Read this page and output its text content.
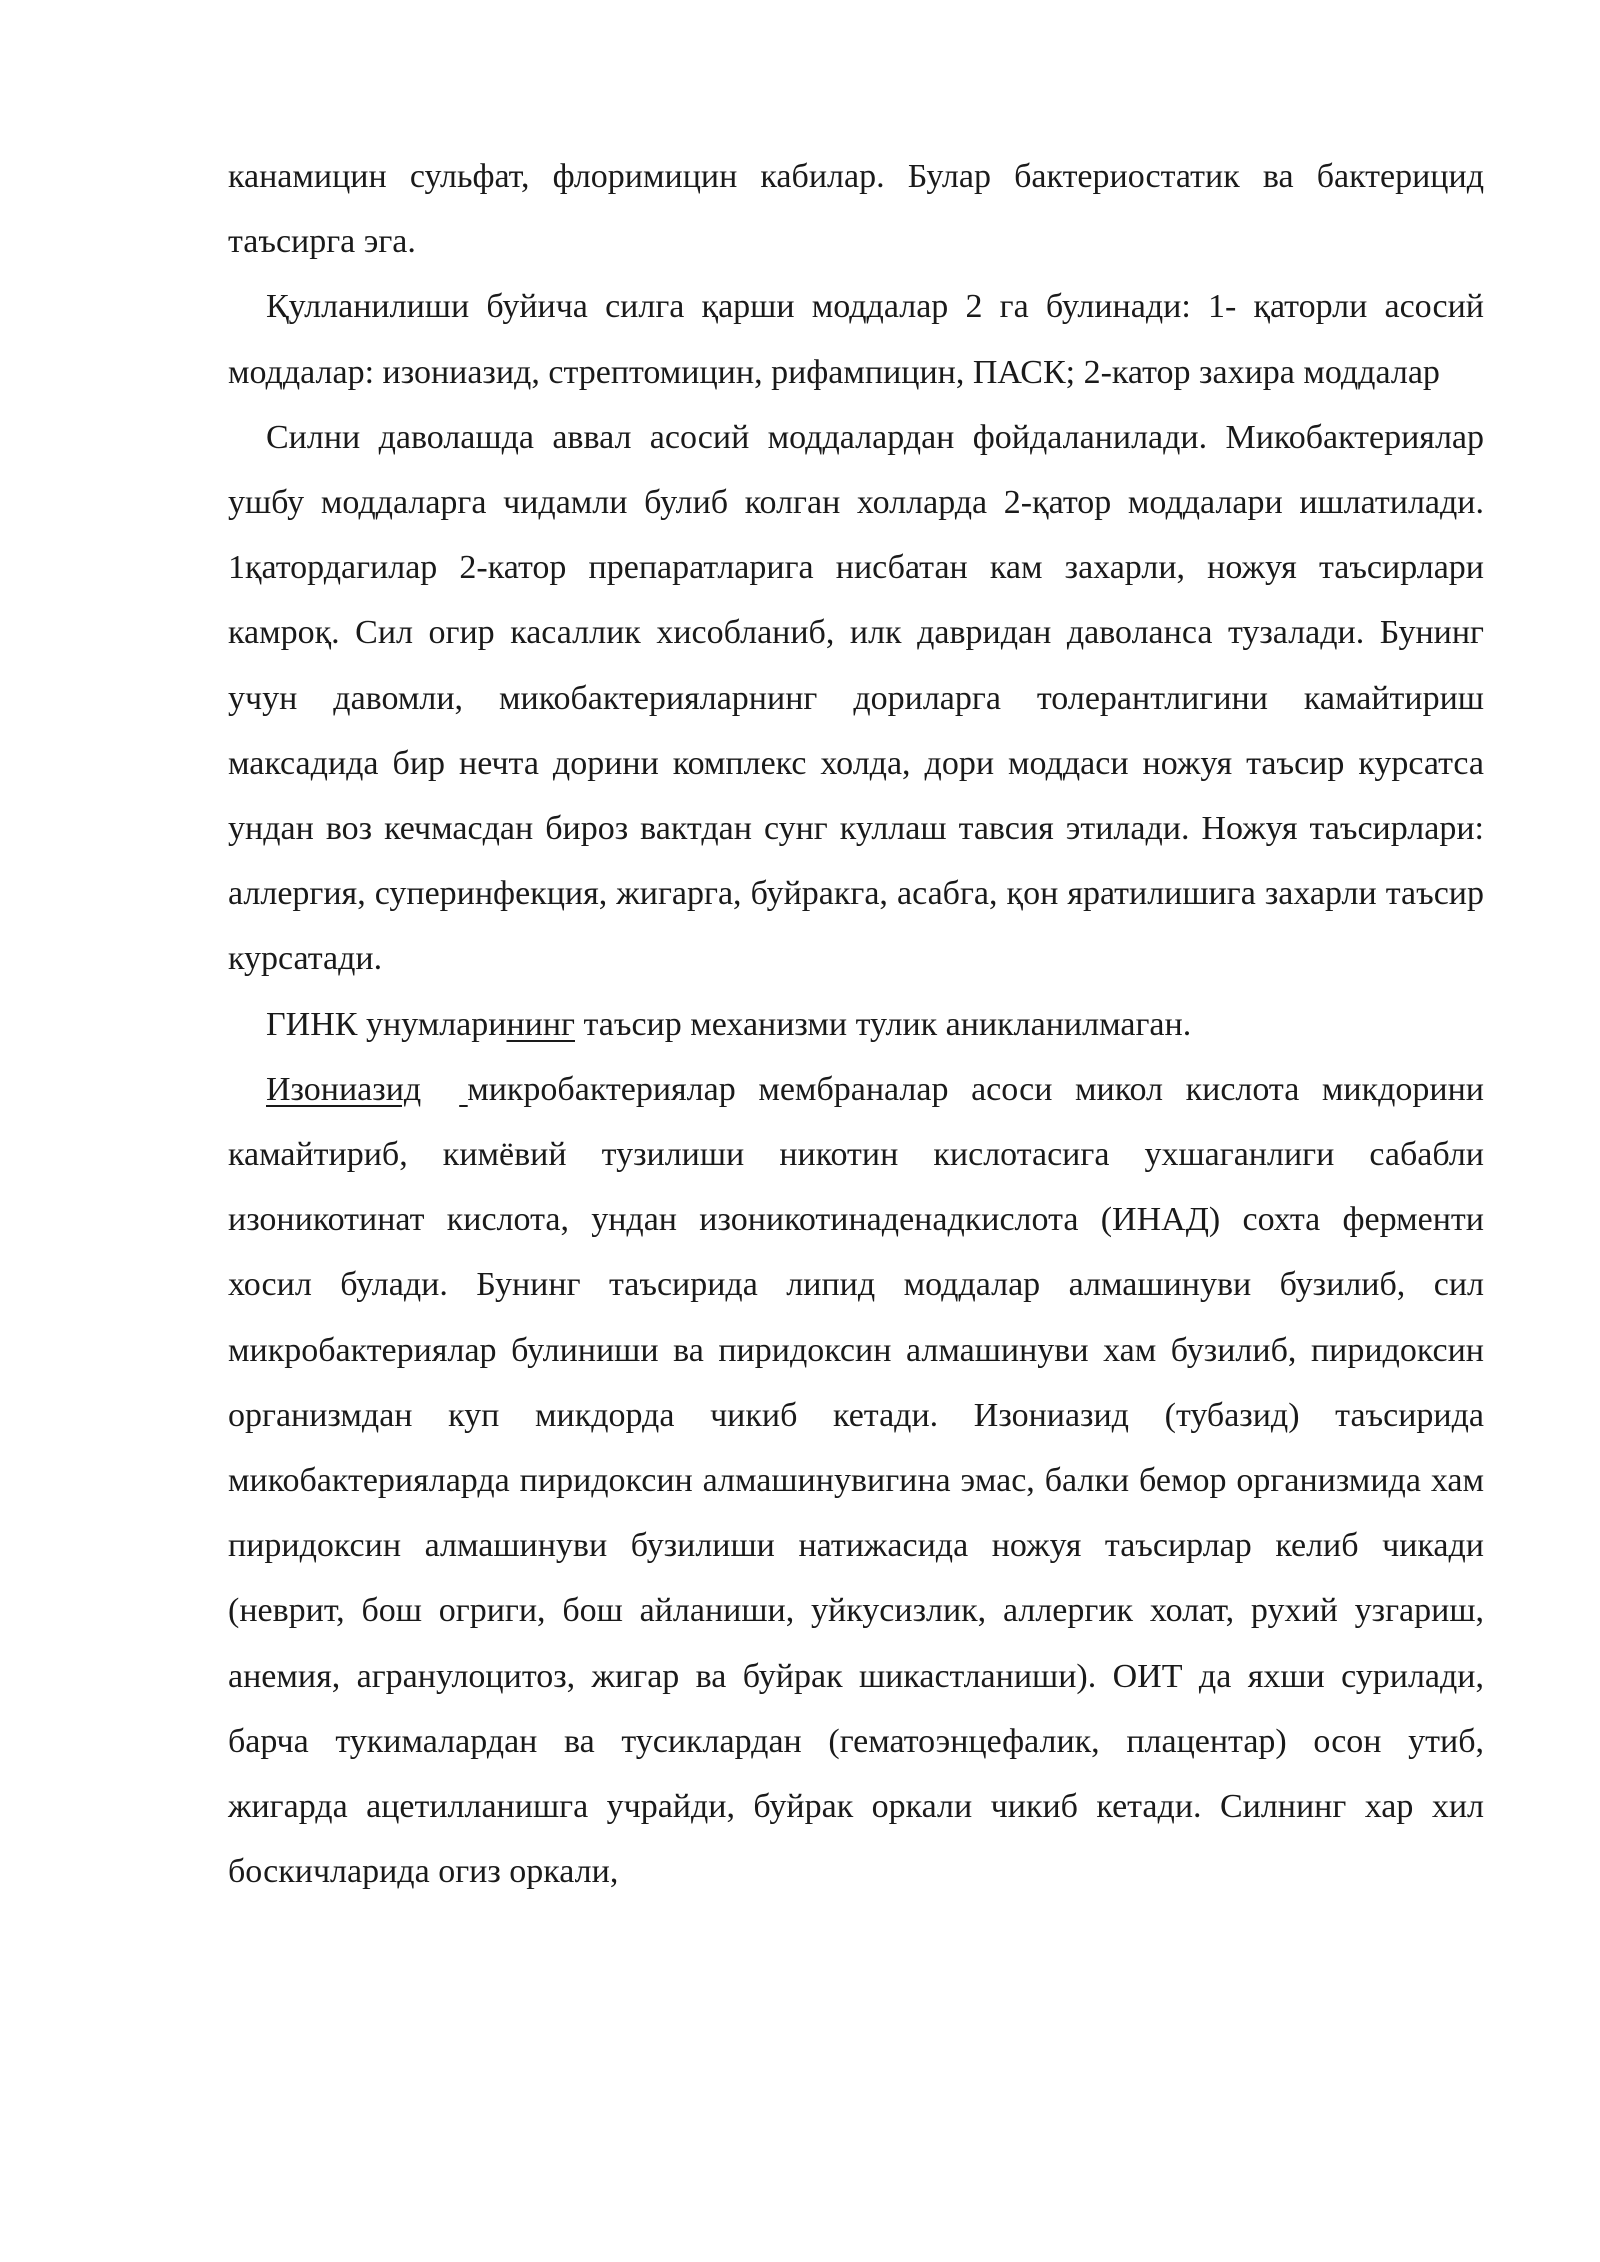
канамицин сульфат, флоримицин кабилар. Булар бактериостатик ва бактерицид таъсирга эга.

Қулланилиши буйича силга қарши моддалар 2 га булинади: 1- қаторли асосий моддалар: изониазид, стрептомицин, рифампицин, ПАСК; 2-катор захира моддалар

Силни даволашда аввал асосий моддалардан фойдаланилади. Микобактериялар ушбу моддаларга чидамли булиб колган холларда 2-қатор моддалари ишлатилади. 1қатордагилар 2-катор препаратларига нисбатан кам захарли, ножуя таъсирлари камроқ. Сил огир касаллик хисобланиб, илк давридан даволанса тузалади. Бунинг учун давомли, микобактерияларнинг дориларга толерантлигини камайтириш максадида бир нечта дорини комплекс холда, дори моддаси ножуя таъсир курсатса ундан воз кечмасдан бироз вактдан сунг куллаш тавсия этилади. Ножуя таъсирлари: аллергия, суперинфекция, жигарга, буйракга, асабга, қон яратилишига захарли таъсир курсатади.

ГИНК унумларининг таъсир механизми тулик аникланилмаган.

Изониазид микробактериялар мембраналар асоси микол кислота микдорини камайтириб, кимёвий тузилиши никотин кислотасига ухшаганлиги сабабли изоникотинат кислота, ундан изоникотинаденадкислота (ИНАД) сохта ферменти хосил булади. Бунинг таъсирида липид моддалар алмашинуви бузилиб, сил микробактериялар булиниши ва пиридоксин алмашинуви хам бузилиб, пиридоксин организмдан куп микдорда чикиб кетади. Изониазид (тубазид) таъсирида микобактерияларда пиридоксин алмашинувигина эмас, балки бемор организмида хам пиридоксин алмашинуви бузилиши натижасида ножуя таъсирлар келиб чикади (неврит, бош огриги, бош айланиши, уйкусизлик, аллергик холат, рухий узгариш, анемия, агранулоцитоз, жигар ва буйрак шикастланиши). ОИТ да яхши сурилади, барча тукималардан ва тусиклардан (гематоэнцефалик, плацентар) осон утиб, жигарда ацетилланишга учрайди, буйрак оркали чикиб кетади. Силнинг хар хил боскичларида огиз оркали,
